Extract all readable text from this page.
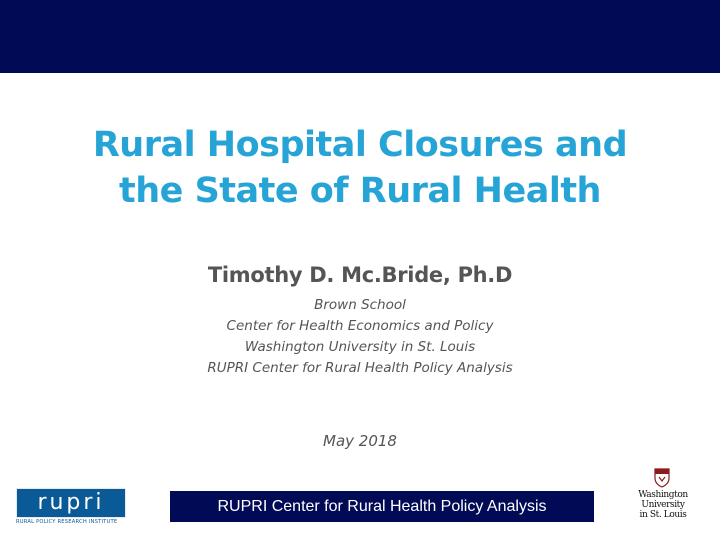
Rural Hospital Closures and
the State of Rural Health
Timothy D. Mc.Bride, Ph.D
Brown School
Center for Health Economics and Policy
Washington University in St. Louis
RUPRI Center for Rural Health Policy Analysis
May 2018
rupri
RURAL POLICY RESEARCH INSTITUTE
RUPRI Center for Rural Health Policy Analysis
Washington
University
in St. Louis
